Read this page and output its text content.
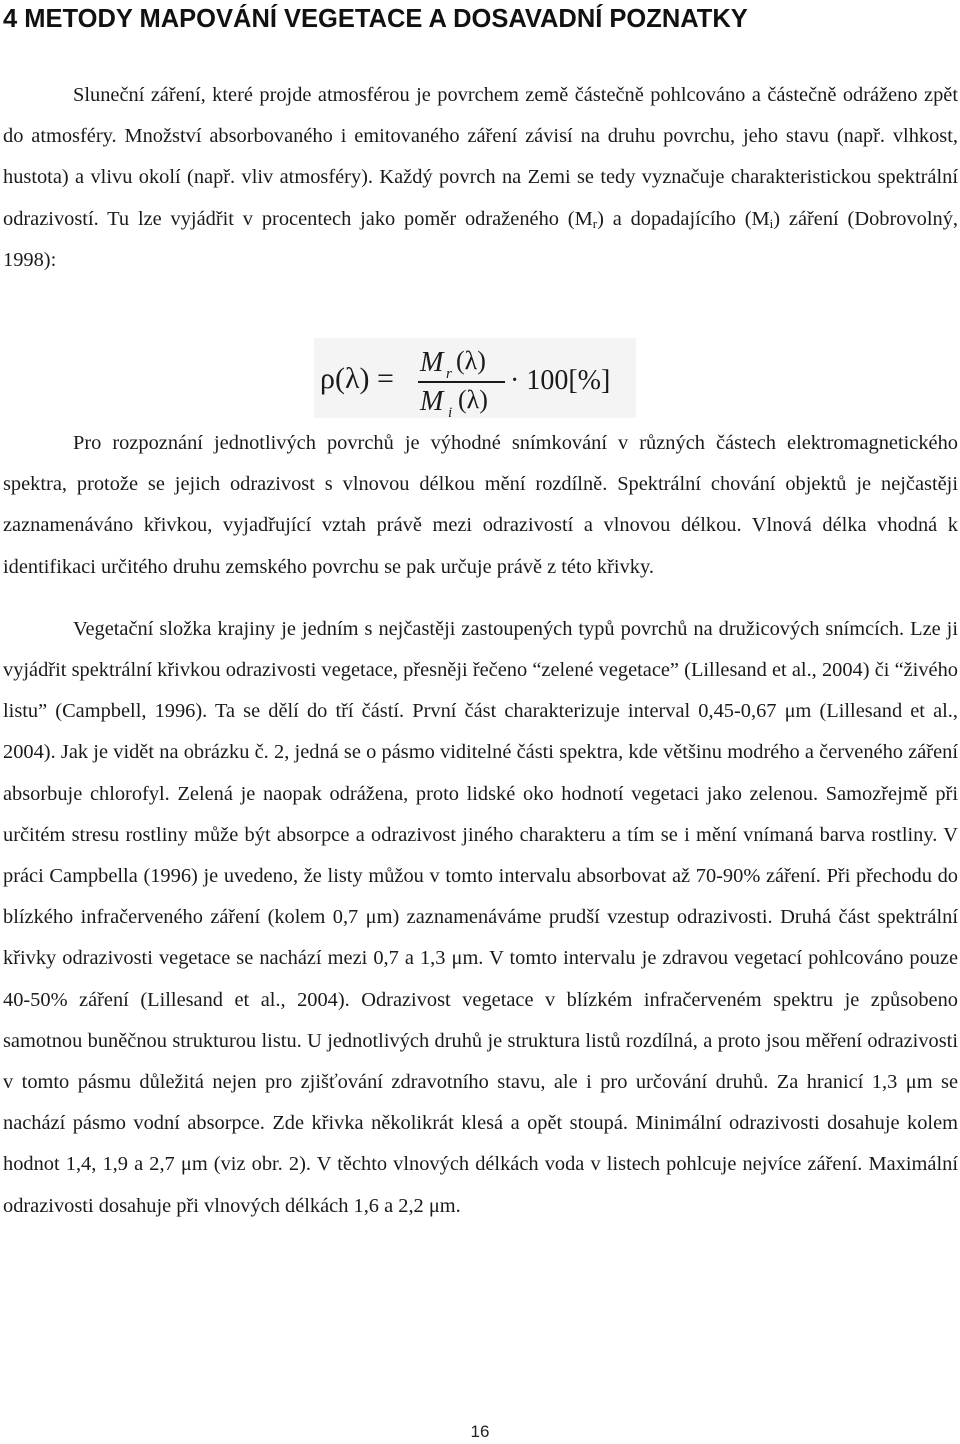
4 METODY MAPOVÁNÍ VEGETACE A DOSAVADNÍ POZNATKY

Sluneční záření, které projde atmosférou je povrchem země částečně pohlcováno a částečně odráženo zpět do atmosféry. Množství absorbovaného i emitovaného záření závisí na druhu povrchu, jeho stavu (např. vlhkost, hustota) a vlivu okolí (např. vliv atmosféry). Každý povrch na Zemi se tedy vyznačuje charakteristickou spektrální odrazivostí. Tu lze vyjádřit v procentech jako poměr odraženého $(M_r)$ a dopadajícího $(M_i)$ záření (Dobrovolný, 1998):

ρ(λ) = M r (λ)
M i (λ)
· 100[%]

Pro rozpoznání jednotlivých povrchů je výhodné snímkování v různých částech elektromagnetického spektra, protože se jejich odrazivost s vlnovou délkou mění rozdílně. Spektrální chování objektů je nejčastěji zaznamenáváno křivkou, vyjadřující vztah právě mezi odrazivostí a vlnovou délkou. Vlnová délka vhodná k identifikaci určitého druhu zemského povrchu se pak určuje právě z této křivky.

Vegetační složka krajiny je jedním s nejčastěji zastoupených typů povrchů na družicových snímcích. Lze ji vyjádřit spektrální křivkou odrazivosti vegetace, přesněji řečeno “zelené vegetace” (Lillesand et al., 2004) či “živého listu” (Campbell, 1996). Ta se dělí do tří částí. První část charakterizuje interval 0,45-0,67 μm (Lillesand et al., 2004). Jak je vidět na obrázku č. 2, jedná se o pásmo viditelné části spektra, kde většinu modrého a červeného záření absorbuje chlorofyl. Zelená je naopak odrážena, proto lidské oko hodnotí vegetaci jako zelenou. Samozřejmě při určitém stresu rostliny může být absorpce a odrazivost jiného charakteru a tím se i mění vnímaná barva rostliny. V práci Campbella (1996) je uvedeno, že listy můžou v tomto intervalu absorbovat až 70-90% záření. Při přechodu do blízkého infračerveného záření (kolem 0,7 μm) zaznamenáváme prudší vzestup odrazivosti. Druhá část spektrální křivky odrazivosti vegetace se nachází mezi 0,7 a 1,3 μm. V tomto intervalu je zdravou vegetací pohlcováno pouze 40-50% záření (Lillesand et al., 2004). Odrazivost vegetace v blízkém infračerveném spektru je způsobeno samotnou buněčnou strukturou listu. U jednotlivých druhů je struktura listů rozdílná, a proto jsou měření odrazivosti v tomto pásmu důležitá nejen pro zjišťování zdravotního stavu, ale i pro určování druhů. Za hranicí 1,3 μm se nachází pásmo vodní absorpce. Zde křivka několikrát klesá a opět stoupá. Minimální odrazivosti dosahuje kolem hodnot 1,4, 1,9 a 2,7 μm (viz obr. 2). V těchto vlnových délkách voda v listech pohlcuje nejvíce záření. Maximální odrazivosti dosahuje při vlnových délkách 1,6 a 2,2 μm.

16
